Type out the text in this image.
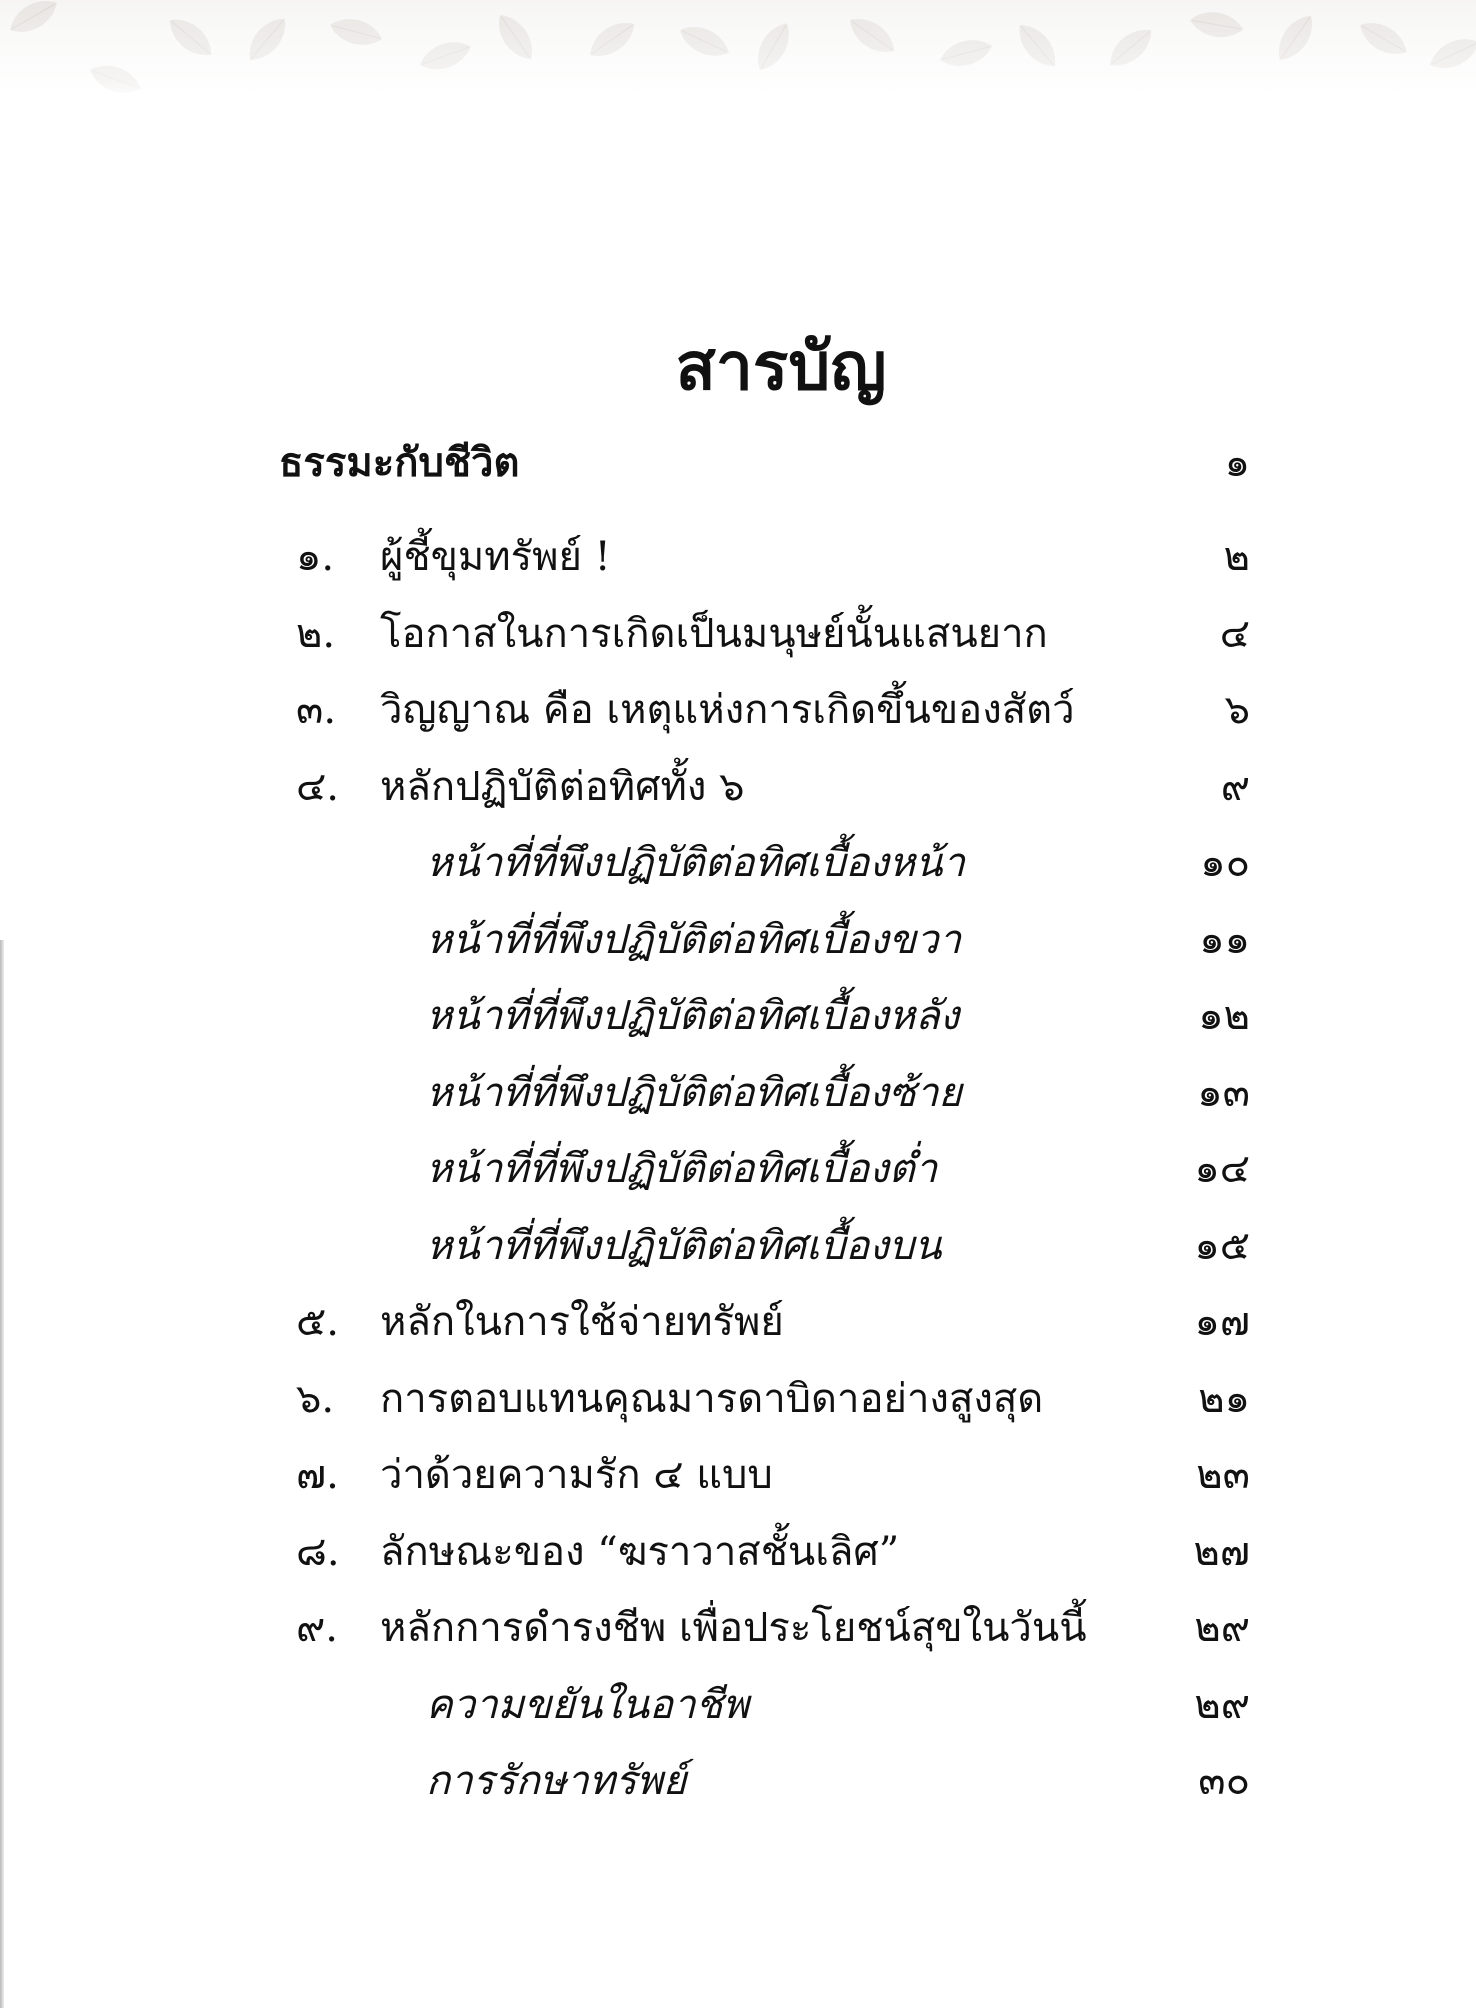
สารบัญ
ธรรมะกับชีวิต	๑
๑. ผู้ชี้ขุมทรัพย์ !	๒
๒. โอกาสในการเกิดเป็นมนุษย์นั้นแสนยาก	๔
๓. วิญญาณ คือ เหตุแห่งการเกิดขึ้นของสัตว์	๖
๔. หลักปฏิบัติต่อทิศทั้ง ๖	๙
หน้าที่ที่พึงปฏิบัติต่อทิศเบื้องหน้า	๑๐
หน้าที่ที่พึงปฏิบัติต่อทิศเบื้องขวา	๑๑
หน้าที่ที่พึงปฏิบัติต่อทิศเบื้องหลัง	๑๒
หน้าที่ที่พึงปฏิบัติต่อทิศเบื้องซ้าย	๑๓
หน้าที่ที่พึงปฏิบัติต่อทิศเบื้องต่ำ	๑๔
หน้าที่ที่พึงปฏิบัติต่อทิศเบื้องบน	๑๕
๕. หลักในการใช้จ่ายทรัพย์	๑๗
๖. การตอบแทนคุณมารดาบิดาอย่างสูงสุด	๒๑
๗. ว่าด้วยความรัก ๔ แบบ	๒๓
๘. ลักษณะของ “ฆราวาสชั้นเลิศ”	๒๗
๙. หลักการดำรงชีพ เพื่อประโยชน์สุขในวันนี้	๒๙
ความขยันในอาชีพ	๒๙
การรักษาทรัพย์	๓๐
